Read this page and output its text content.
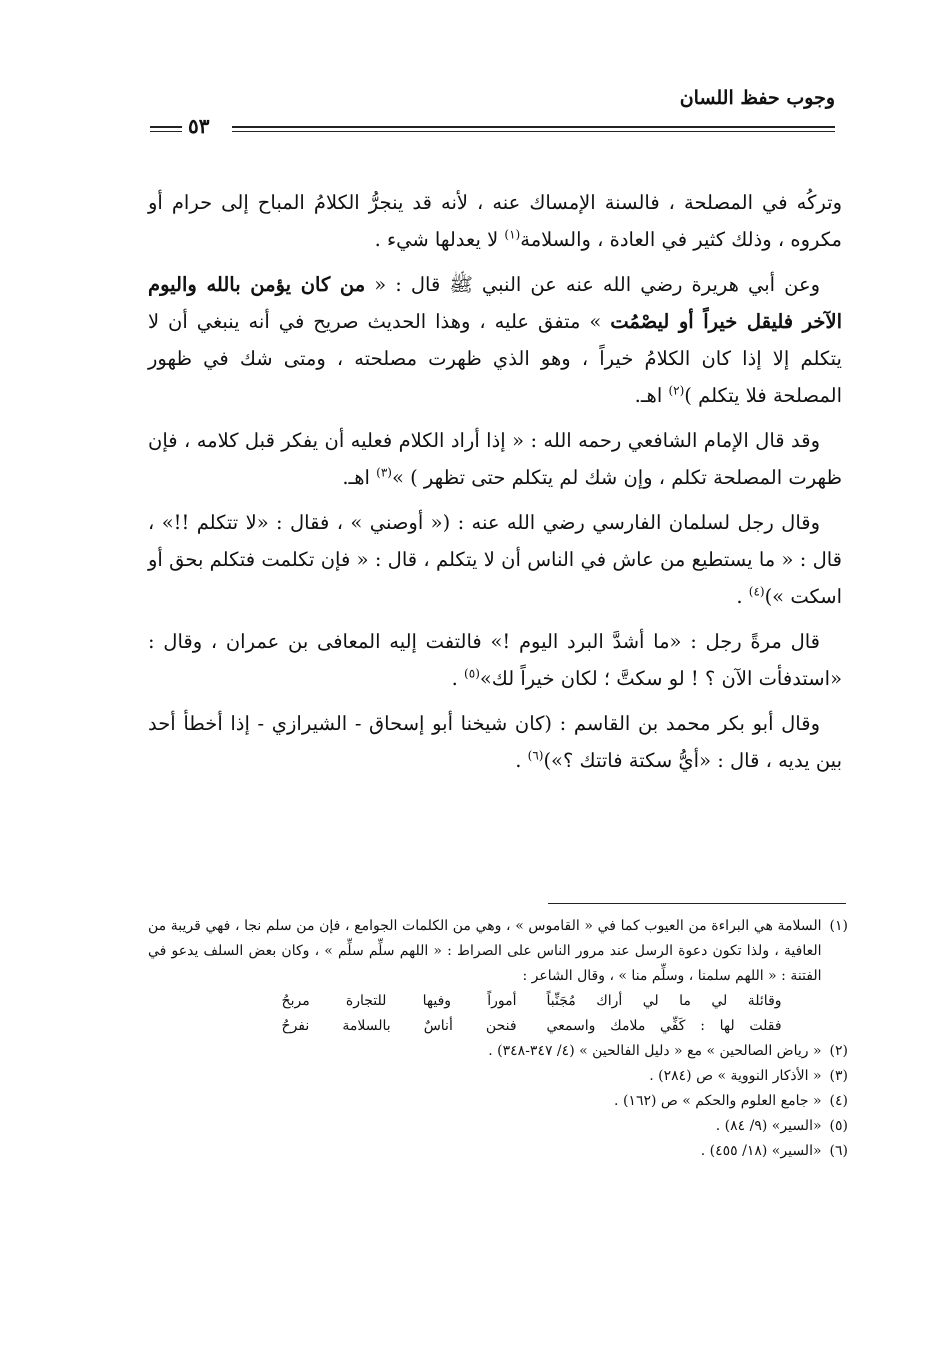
وجوب حفظ اللسان
٥٣

وتركُه في المصلحة ، فالسنة الإمساك عنه ، لأنه قد ينجرُّ الكلامُ المباح إلى حرام أو مكروه ، وذلك كثير في العادة ، والسلامة$^{(١)}$ لا يعدلها شيء .

وعن أبي هريرة رضي الله عنه عن النبي ﷺ قال : « من كان يؤمن بالله واليوم الآخر فليقل خيراً أو ليصْمُت » متفق عليه ، وهذا الحديث صريح في أنه ينبغي أن لا يتكلم إلا إذا كان الكلامُ خيراً ، وهو الذي ظهرت مصلحته ، ومتى شك في ظهور المصلحة فلا يتكلم )$^{(٢)}$ اهـ.

وقد قال الإمام الشافعي رحمه الله : « إذا أراد الكلام فعليه أن يفكر قبل كلامه ، فإن ظهرت المصلحة تكلم ، وإن شك لم يتكلم حتى تظهر ) »$^{(٣)}$ اهـ.

وقال رجل لسلمان الفارسي رضي الله عنه : (« أوصني » ، فقال : «لا تتكلم !!» ، قال : « ما يستطيع من عاش في الناس أن لا يتكلم ، قال : « فإن تكلمت فتكلم بحق أو اسكت »)$^{(٤)}$ .

قال مرةً رجل : «ما أشدَّ البرد اليوم !» فالتفت إليه المعافى بن عمران ، وقال : «استدفأت الآن ؟ ! لو سكتَّ ؛ لكان خيراً لك»$^{(٥)}$ .

وقال أبو بكر محمد بن القاسم : (كان شيخنا أبو إسحاق - الشيرازي - إذا أخطأ أحد بين يديه ، قال : «أيُّ سكتة فاتتك ؟»)$^{(٦)}$ .

(١)
السلامة هي البراءة من العيوب كما في « القاموس » ، وهي من الكلمات الجوامع ، فإن من سلم نجا ، فهي قريبة من العافية ، ولذا تكون دعوة الرسل عند مرور الناس على الصراط : « اللهم سلِّم سلِّم » ، وكان بعض السلف يدعو في الفتنة : « اللهم سلمنا ، وسلِّم منا » ، وقال الشاعر :
وقائلة لي ما لي أراك مُجَنِّباً
أموراً وفيها للتجارة مربحُ
فقلت لها : كَفِّي ملامك واسمعي
فنحن أناسٌ بالسلامة نفرحُ
(٢)
« رياض الصالحين » مع « دليل الفالحين » (٤/ ٣٤٧-٣٤٨) .
(٣)
« الأذكار النووية » ص (٢٨٤) .
(٤)
« جامع العلوم والحكم » ص (١٦٢) .
(٥)
«السير» (٩/ ٨٤) .
(٦)
«السير» (١٨/ ٤٥٥) .
